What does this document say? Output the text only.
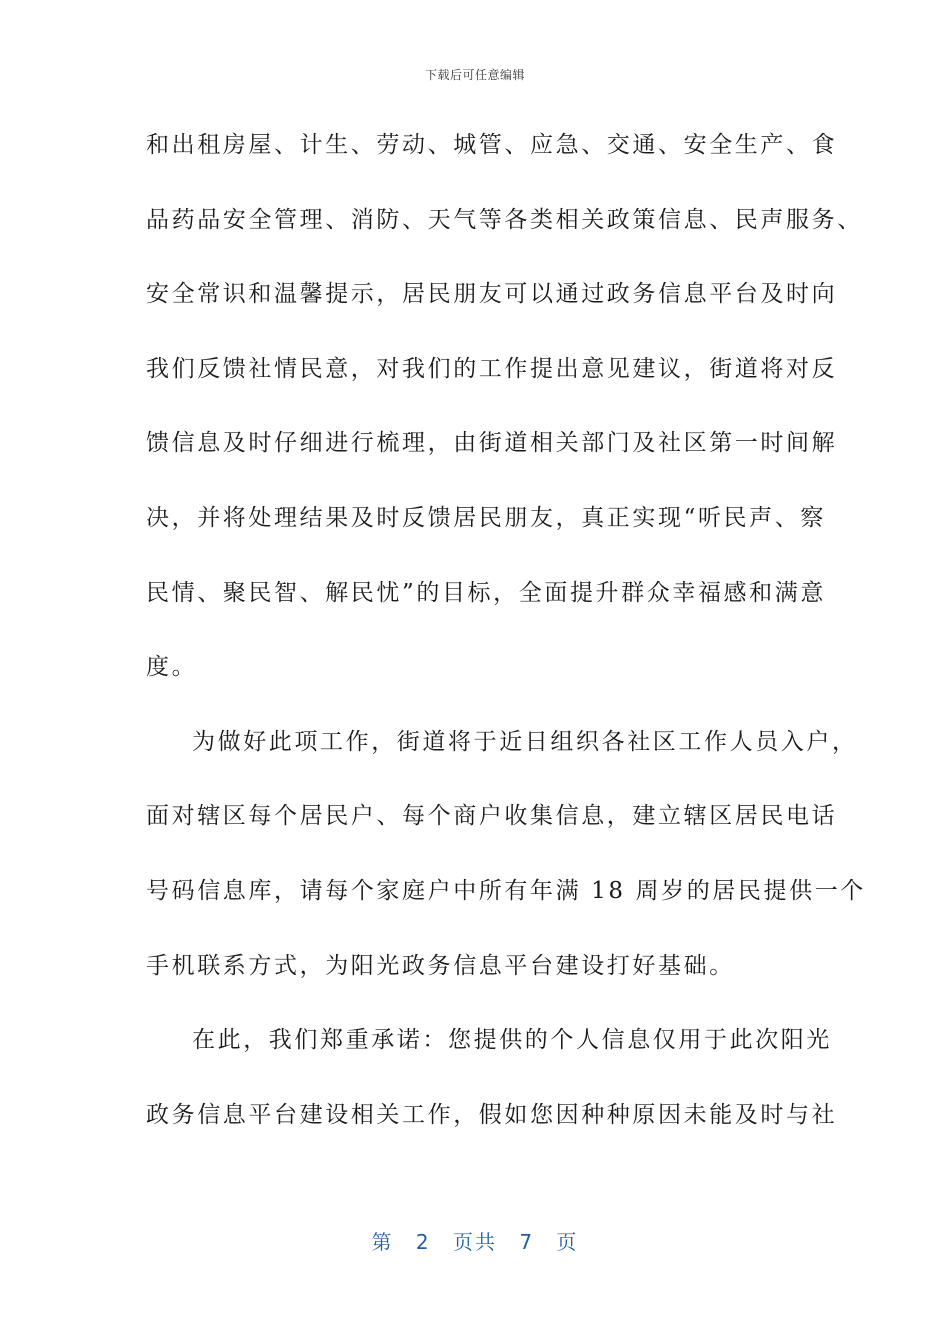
下载后可任意编辑
和出租房屋、计生、劳动、城管、应急、交通、安全生产、食
品药品安全管理、消防、天气等各类相关政策信息、民声服务、
安全常识和温馨提示，居民朋友可以通过政务信息平台及时向
我们反馈社情民意，对我们的工作提出意见建议，街道将对反
馈信息及时仔细进行梳理，由街道相关部门及社区第一时间解
决，并将处理结果及时反馈居民朋友，真正实现“听民声、察
民情、聚民智、解民忧”的目标，全面提升群众幸福感和满意
度。
为做好此项工作，街道将于近日组织各社区工作人员入户，
面对辖区每个居民户、每个商户收集信息，建立辖区居民电话
号码信息库，请每个家庭户中所有年满 18 周岁的居民提供一个
手机联系方式，为阳光政务信息平台建设打好基础。
在此，我们郑重承诺：您提供的个人信息仅用于此次阳光
政务信息平台建设相关工作，假如您因种种原因未能及时与社
第 2 页共 7 页
